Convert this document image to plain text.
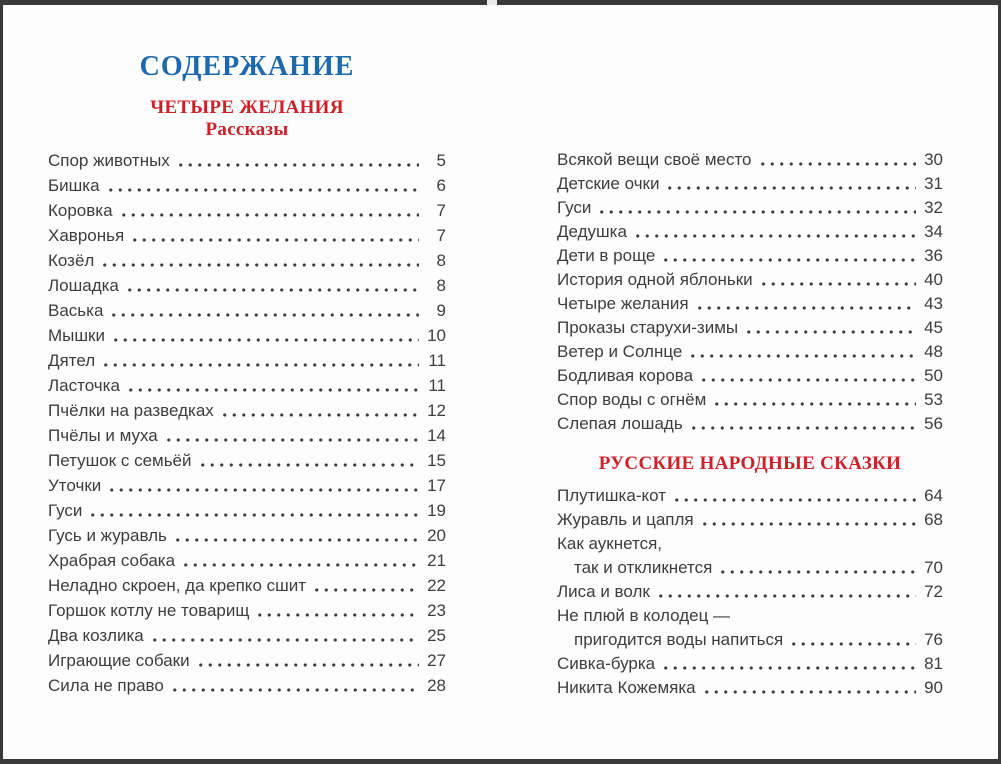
СОДЕРЖАНИЕ
ЧЕТЫРЕ ЖЕЛАНИЯ
Рассказы
Спор животных	5
Бишка	6
Коровка	7
Хавронья	7
Козёл	8
Лошадка	8
Васька	9
Мышки	10
Дятел	11
Ласточка	11
Пчёлки на разведках	12
Пчёлы и муха	14
Петушок с семьёй	15
Уточки	17
Гуси	19
Гусь и журавль	20
Храбрая собака	21
Неладно скроен, да крепко сшит	22
Горшок котлу не товарищ	23
Два козлика	25
Играющие собаки	27
Сила не право	28
Всякой вещи своё место	30
Детские очки	31
Гуси	32
Дедушка	34
Дети в роще	36
История одной яблоньки	40
Четыре желания	43
Проказы старухи-зимы	45
Ветер и Солнце	48
Бодливая корова	50
Спор воды с огнём	53
Слепая лошадь	56
РУССКИЕ НАРОДНЫЕ СКАЗКИ
Плутишка-кот	64
Журавль и цапля	68
Как аукнется,
так и откликнется	70
Лиса и волк	72
Не плюй в колодец —
пригодится воды напиться	76
Сивка-бурка	81
Никита Кожемяка	90
